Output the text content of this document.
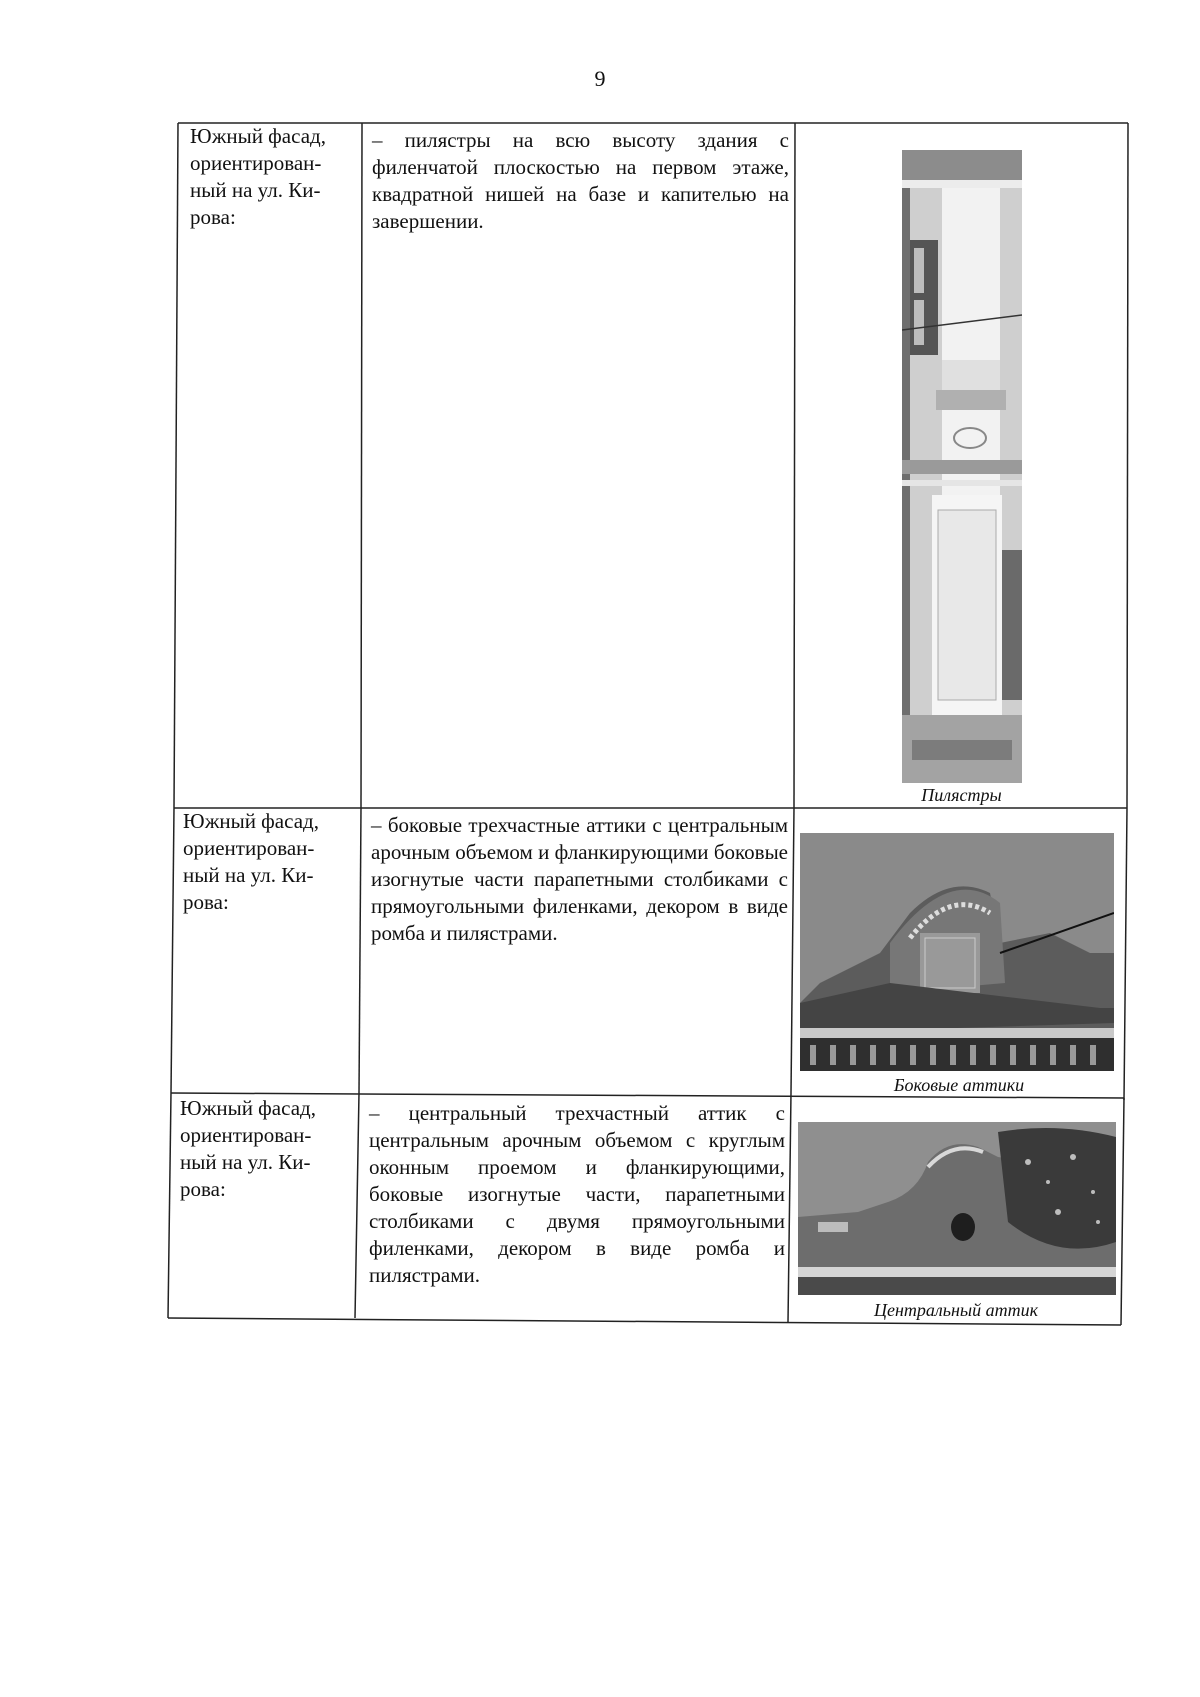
9
Южный фасад,
ориентирован-
ный на ул. Ки-
рова:
– пилястры на всю высоту здания с филенчатой плоскостью на первом этаже, квадратной нишей на базе и капителью на завершении.
Пилястры
Южный фасад,
ориентирован-
ный на ул. Ки-
рова:
– боковые трехчастные аттики с центральным арочным объемом и фланкирующими боковые изогнутые части парапетными столбиками с прямоугольными филенками, декором в виде ромба и пилястрами.
Боковые аттики
Южный фасад,
ориентирован-
ный на ул. Ки-
рова:
– центральный трехчастный аттик с центральным арочным объемом с круглым оконным проемом и фланкирующими, боковые изогнутые части, парапетными столбиками с двумя прямоугольными филенками, декором в виде ромба и пилястрами.
Центральный аттик
